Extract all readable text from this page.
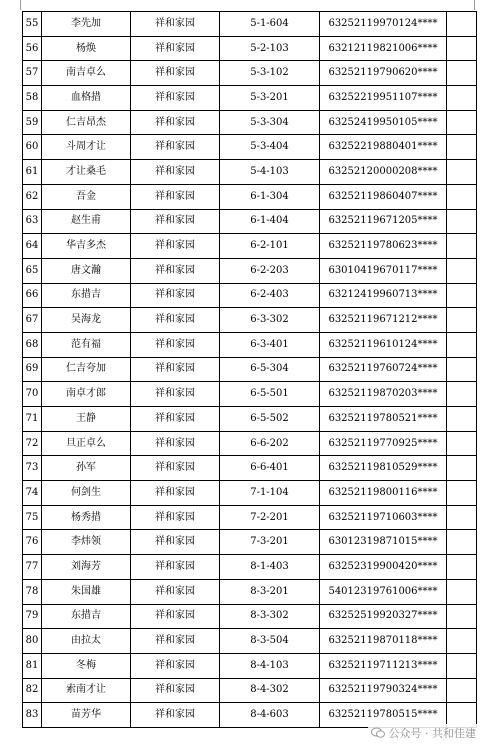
55	李先加	祥和家园	5-1-604	63252119970124****	
56	杨焕	祥和家园	5-2-103	63212119821006****	
57	南吉卓么	祥和家园	5-3-102	63252119790620****	
58	血格措	祥和家园	5-3-201	63252219951107****	
59	仁吉昂杰	祥和家园	5-3-304	63252419950105****	
60	斗周才让	祥和家园	5-3-404	63252219880401****	
61	才让桑毛	祥和家园	5-4-103	63252120000208****	
62	吾金	祥和家园	6-1-304	63252119860407****	
63	赵生甫	祥和家园	6-1-404	63252119671205****	
64	华吉多杰	祥和家园	6-2-101	63252119780623****	
65	唐文瀚	祥和家园	6-2-203	63010419670117****	
66	东措吉	祥和家园	6-2-403	63212419960713****	
67	吴海龙	祥和家园	6-3-302	63252119671212****	
68	范有福	祥和家园	6-3-401	63252119610124****	
69	仁吉夸加	祥和家园	6-5-304	63252119760724****	
70	南卓才郎	祥和家园	6-5-501	63252119870203****	
71	王静	祥和家园	6-5-502	63252119780521****	
72	旦正卓么	祥和家园	6-6-202	63252119770925****	
73	孙军	祥和家园	6-6-401	63252119810529****	
74	何剑生	祥和家园	7-1-104	63252119800116****	
75	杨秀措	祥和家园	7-2-201	63252119710603****	
76	李炜领	祥和家园	7-3-201	63012319871015****	
77	刘海芳	祥和家园	8-1-403	63252319900420****	
78	朱国雄	祥和家园	8-3-201	54012319761006****	
79	东措吉	祥和家园	8-3-302	63252519920327****	
80	由拉太	祥和家园	8-3-504	63252119870118****	
81	冬梅	祥和家园	8-4-103	63252119711213****	
82	索南才让	祥和家园	8-4-302	63252119790324****	
83	苗芳华	祥和家园	8-4-603	63252119780515****	
公众号 · 共和佳建
